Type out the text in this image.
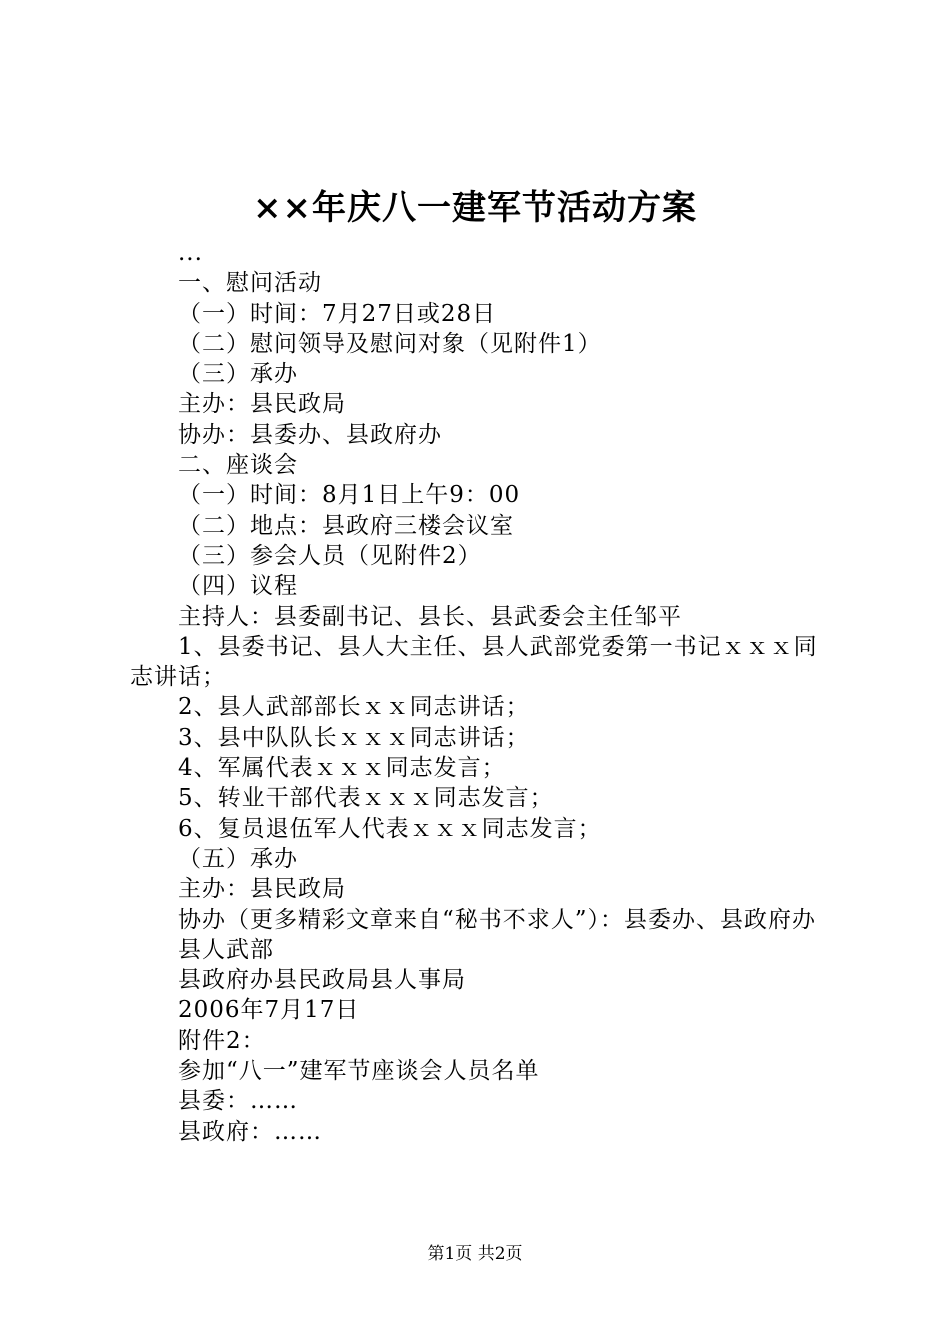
××年庆八一建军节活动方案
...
一、慰问活动
（一）时间：7月27日或28日
（二）慰问领导及慰问对象（见附件1）
（三）承办
主办：县民政局
协办：县委办、县政府办
二、座谈会
（一）时间：8月1日上午9：00
（二）地点：县政府三楼会议室
（三）参会人员（见附件2）
（四）议程
主持人：县委副书记、县长、县武委会主任邹平
1、县委书记、县人大主任、县人武部党委第一书记ｘｘｘ同志讲话；
2、县人武部部长ｘｘ同志讲话；
3、县中队队长ｘｘｘ同志讲话；
4、军属代表ｘｘｘ同志发言；
5、转业干部代表ｘｘｘ同志发言；
6、复员退伍军人代表ｘｘｘ同志发言；
（五）承办
主办：县民政局
协办（更多精彩文章来自“秘书不求人”）：县委办、县政府办
县人武部
县政府办县民政局县人事局
2006年7月17日
附件2：
参加“八一”建军节座谈会人员名单
县委：……
县政府：……
第1页 共2页
